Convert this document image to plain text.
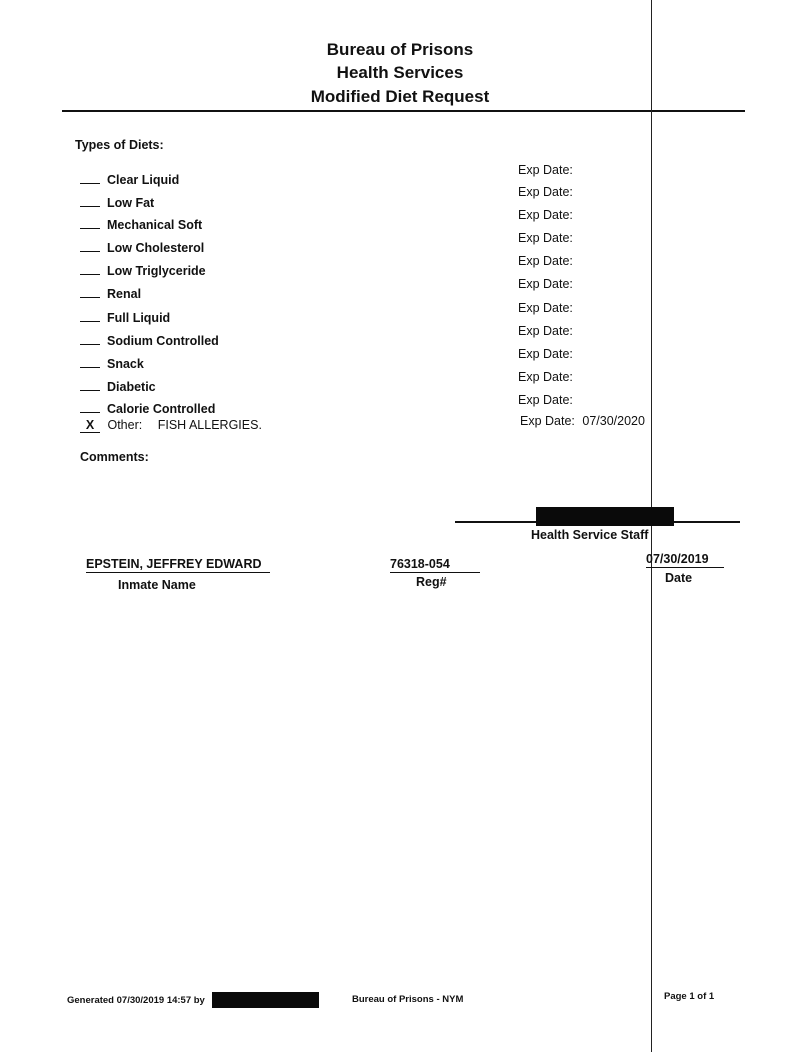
Bureau of Prisons
Health Services
Modified Diet Request
Types of Diets:
Clear Liquid
Exp Date:
Low Fat
Exp Date:
Mechanical Soft
Exp Date:
Low Cholesterol
Exp Date:
Low Triglyceride
Exp Date:
Renal
Exp Date:
Full Liquid
Exp Date:
Sodium Controlled
Exp Date:
Snack
Exp Date:
Diabetic
Exp Date:
Calorie Controlled
Exp Date:
X Other: FISH ALLERGIES.	Exp Date: 07/30/2020
Comments:
Health Service Staff
EPSTEIN, JEFFREY EDWARD
Inmate Name
76318-054
Reg#
07/30/2019
Date
Generated 07/30/2019 14:57 by	Bureau of Prisons - NYM	Page 1 of 1
